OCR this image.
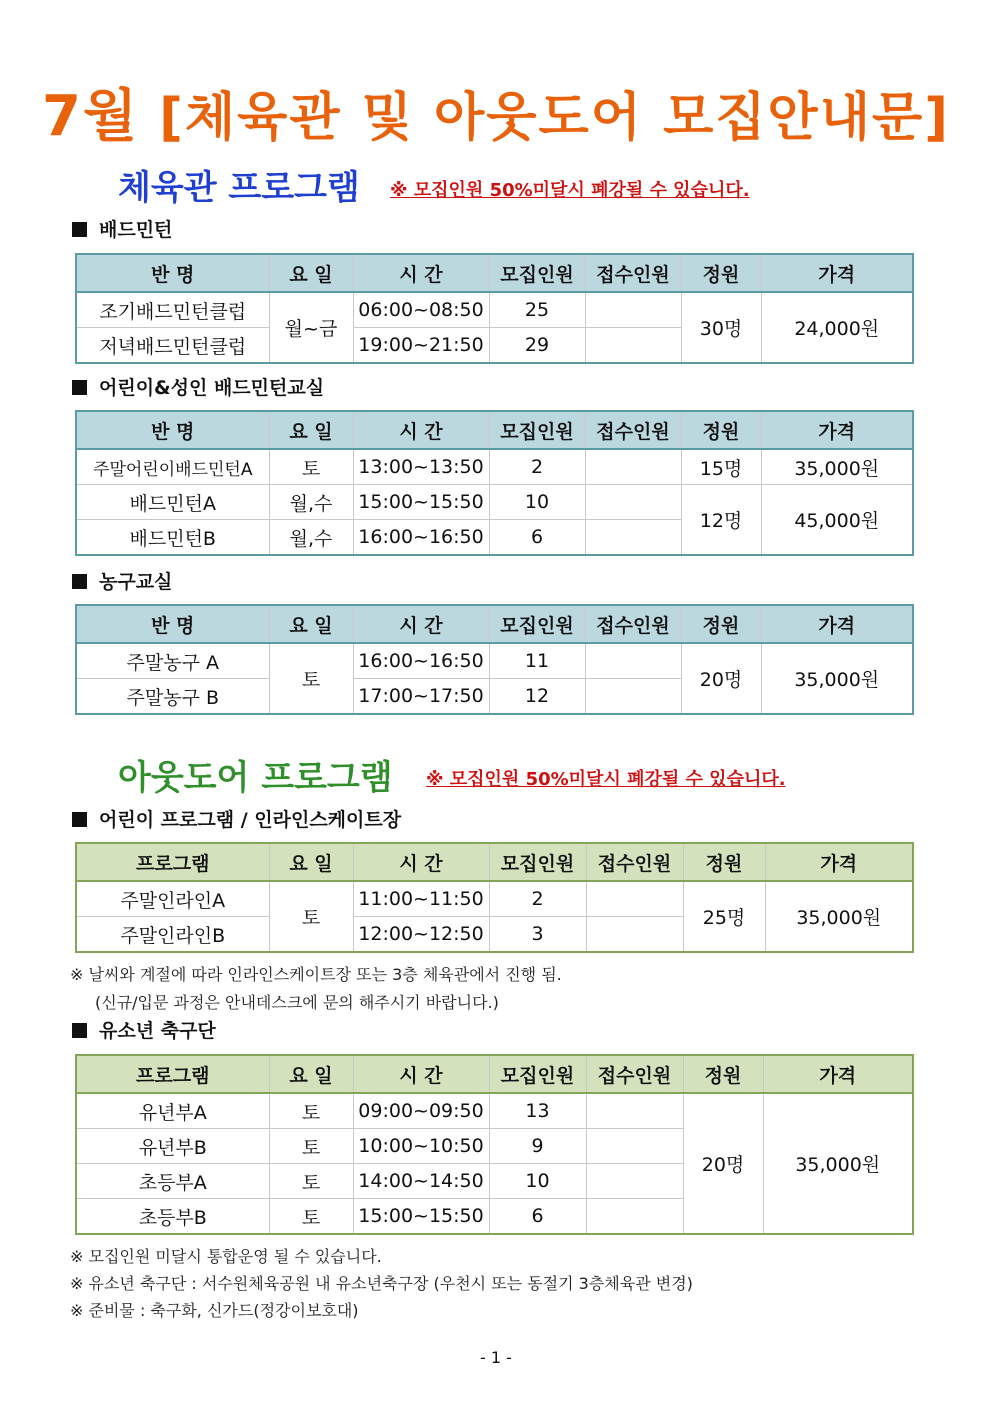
7월 [체육관 및 아웃도어 모집안내문]
체육관 프로그램 ※ 모집인원 50%미달시 폐강될 수 있습니다.
배드민턴
반 명	요 일	시 간	모집인원	접수인원	정원	가격
조기배드민턴클럽	월~금	06:00~08:50	25		30명	24,000원
저녁배드민턴클럽		19:00~21:50	29			
어린이&성인 배드민턴교실
반 명	요 일	시 간	모집인원	접수인원	정원	가격
주말어린이배드민턴A	토	13:00~13:50	2		15명	35,000원
배드민턴A	월,수	15:00~15:50	10		12명	45,000원
배드민턴B	월,수	16:00~16:50	6			
농구교실
반 명	요 일	시 간	모집인원	접수인원	정원	가격
주말농구 A	토	16:00~16:50	11		20명	35,000원
주말농구 B		17:00~17:50	12			
아웃도어 프로그램 ※ 모집인원 50%미달시 폐강될 수 있습니다.
어린이 프로그램 / 인라인스케이트장
프로그램	요 일	시 간	모집인원	접수인원	정원	가격
주말인라인A	토	11:00~11:50	2		25명	35,000원
주말인라인B		12:00~12:50	3			
※ 날씨와 계절에 따라 인라인스케이트장 또는 3층 체육관에서 진행 됨.
(신규/입문 과정은 안내데스크에 문의 해주시기 바랍니다.)
유소년 축구단
프로그램	요 일	시 간	모집인원	접수인원	정원	가격
유년부A	토	09:00~09:50	13		20명	35,000원
유년부B	토	10:00~10:50	9			
초등부A	토	14:00~14:50	10			
초등부B	토	15:00~15:50	6			
※ 모집인원 미달시 통합운영 될 수 있습니다.
※ 유소년 축구단 : 서수원체육공원 내 유소년축구장 (우천시 또는 동절기 3층체육관 변경)
※ 준비물 : 축구화, 신가드(정강이보호대)
- 1 -
